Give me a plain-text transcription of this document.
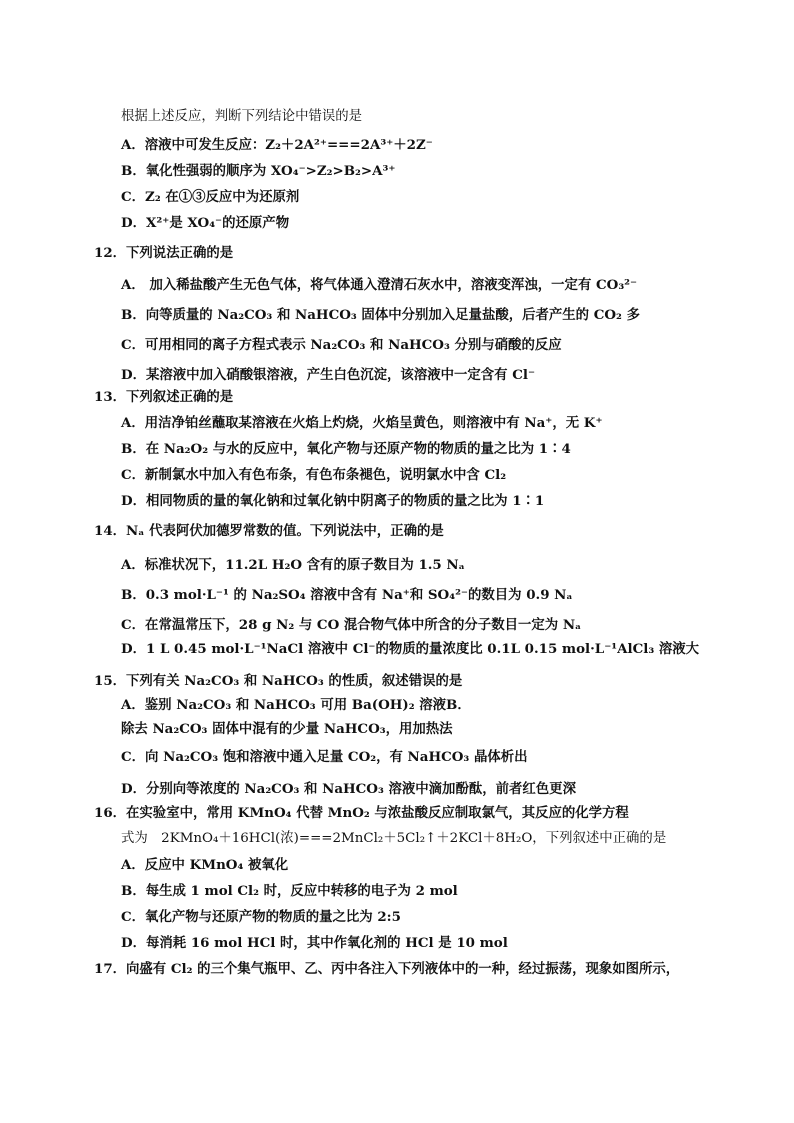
根据上述反应，判断下列结论中错误的是
A．溶液中可发生反应：Z₂＋2A²⁺===2A³⁺＋2Z⁻
B．氧化性强弱的顺序为 XO₄⁻>Z₂>B₂>A³⁺
C．Z₂ 在①③反应中为还原剂
D．X²⁺是 XO₄⁻的还原产物
12．下列说法正确的是
A． 加入稀盐酸产生无色气体，将气体通入澄清石灰水中，溶液变浑浊，一定有 CO₃²⁻
B．向等质量的 Na₂CO₃ 和 NaHCO₃ 固体中分别加入足量盐酸，后者产生的 CO₂ 多
C．可用相同的离子方程式表示 Na₂CO₃ 和 NaHCO₃ 分别与硝酸的反应
D．某溶液中加入硝酸银溶液，产生白色沉淀，该溶液中一定含有 Cl⁻
13．下列叙述正确的是
A．用洁净铂丝蘸取某溶液在火焰上灼烧，火焰呈黄色，则溶液中有 Na⁺，无 K⁺
B．在 Na₂O₂ 与水的反应中，氧化产物与还原产物的物质的量之比为 1∶4
C．新制氯水中加入有色布条，有色布条褪色，说明氯水中含 Cl₂
D．相同物质的量的氧化钠和过氧化钠中阴离子的物质的量之比为 1∶1
14．Nₐ 代表阿伏加德罗常数的值。下列说法中，正确的是
A．标准状况下，11.2L H₂O 含有的原子数目为 1.5 Nₐ
B．0.3 mol·L⁻¹ 的 Na₂SO₄ 溶液中含有 Na⁺和 SO₄²⁻的数目为 0.9 Nₐ
C．在常温常压下，28 g N₂ 与 CO 混合物气体中所含的分子数目一定为 Nₐ
D．1 L 0.45 mol·L⁻¹NaCl 溶液中 Cl⁻的物质的量浓度比 0.1L 0.15 mol·L⁻¹AlCl₃ 溶液大
15．下列有关 Na₂CO₃ 和 NaHCO₃ 的性质，叙述错误的是
A．鉴别 Na₂CO₃ 和 NaHCO₃ 可用 Ba(OH)₂ 溶液B．
除去 Na₂CO₃ 固体中混有的少量 NaHCO₃，用加热法
C．向 Na₂CO₃ 饱和溶液中通入足量 CO₂，有 NaHCO₃ 晶体析出
D．分别向等浓度的 Na₂CO₃ 和 NaHCO₃ 溶液中滴加酚酞，前者红色更深
16．在实验室中，常用 KMnO₄ 代替 MnO₂ 与浓盐酸反应制取氯气，其反应的化学方程
式为　2KMnO₄＋16HCl(浓)===2MnCl₂＋5Cl₂↑＋2KCl＋8H₂O，下列叙述中正确的是
A．反应中 KMnO₄ 被氧化
B．每生成 1 mol Cl₂ 时，反应中转移的电子为 2 mol
C．氧化产物与还原产物的物质的量之比为 2:5
D．每消耗 16 mol HCl 时，其中作氧化剂的 HCl 是 10 mol
17．向盛有 Cl₂ 的三个集气瓶甲、乙、丙中各注入下列液体中的一种，经过振荡，现象如图所示，
